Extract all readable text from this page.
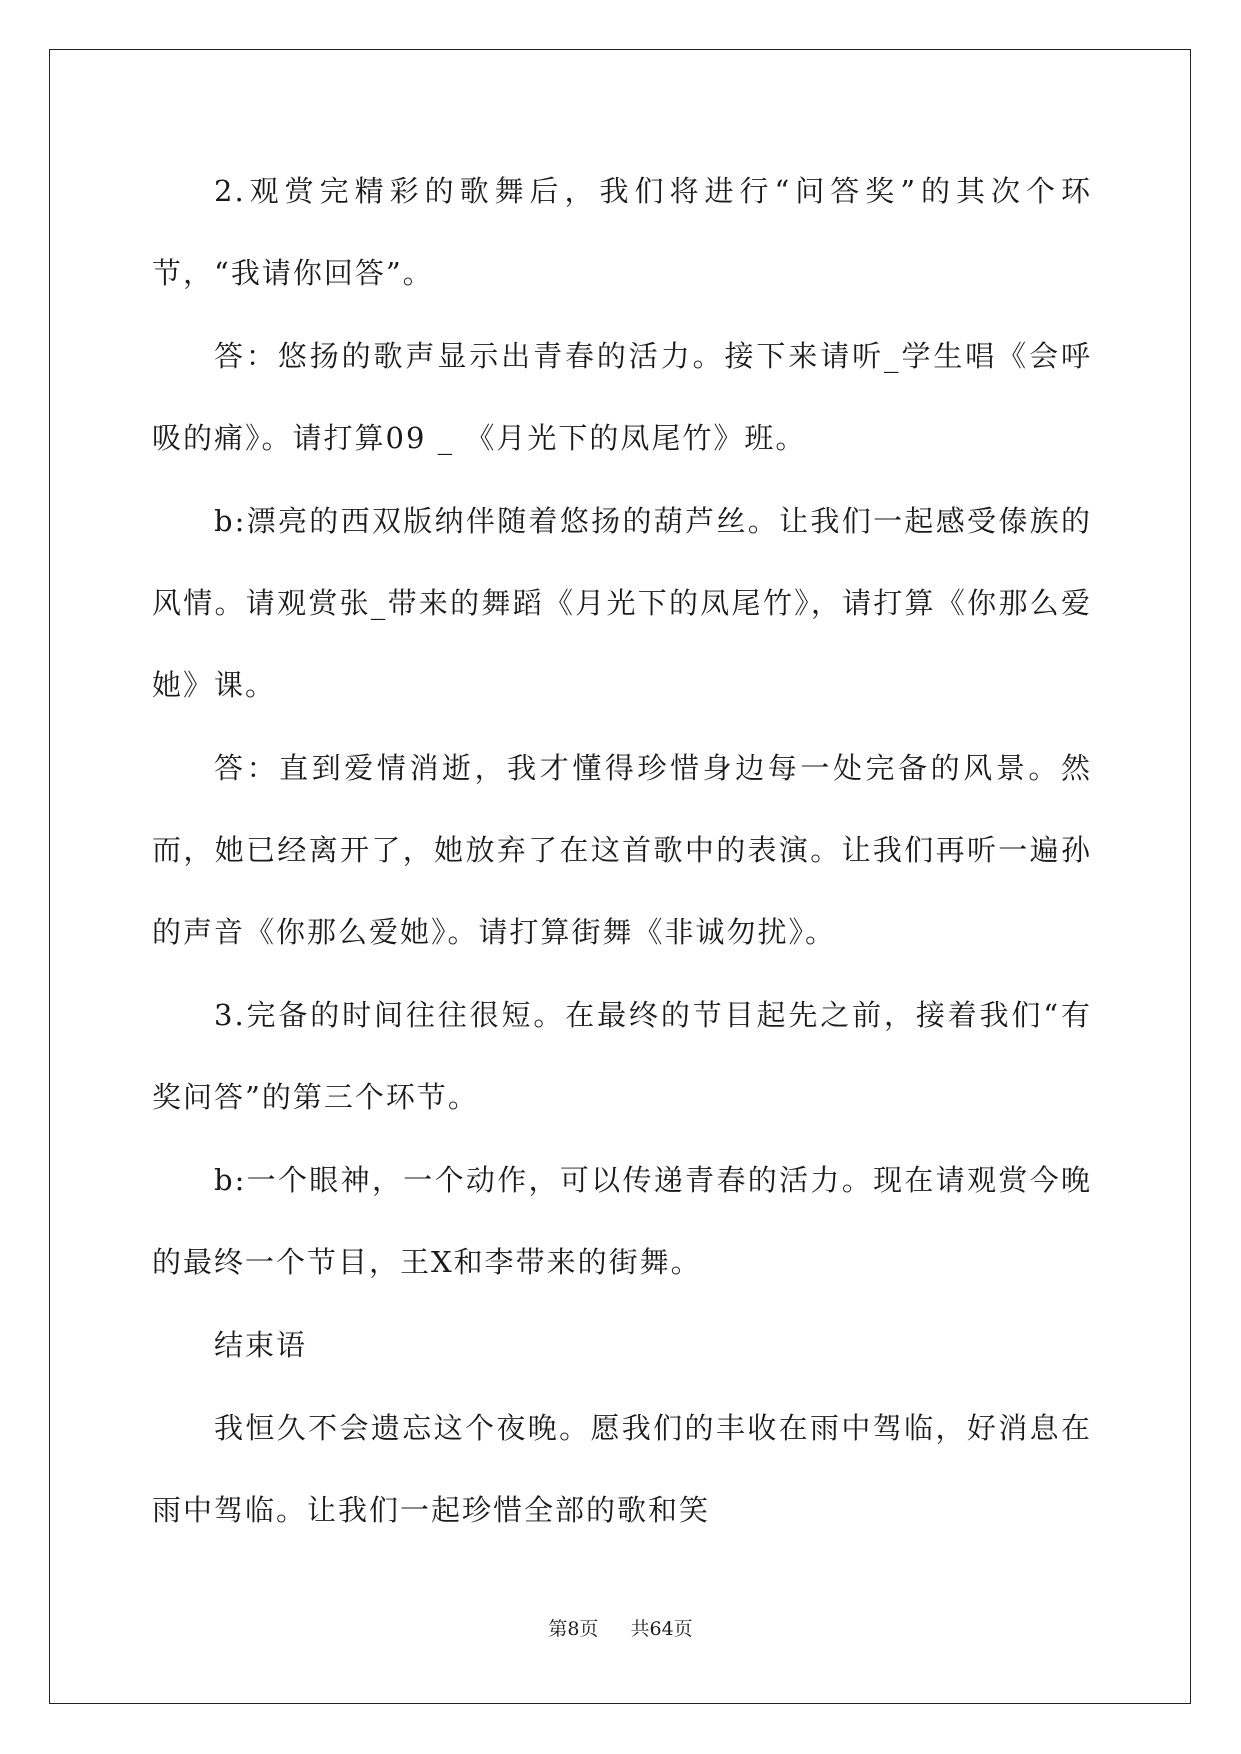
2.观赏完精彩的歌舞后，我们将进行“问答奖”的其次个环节，“我请你回答”。

答：悠扬的歌声显示出青春的活力。接下来请听_学生唱《会呼吸的痛》。请打算09 _ 《月光下的凤尾竹》班。

b:漂亮的西双版纳伴随着悠扬的葫芦丝。让我们一起感受傣族的风情。请观赏张_带来的舞蹈《月光下的凤尾竹》，请打算《你那么爱她》课。

答：直到爱情消逝，我才懂得珍惜身边每一处完备的风景。然而，她已经离开了，她放弃了在这首歌中的表演。让我们再听一遍孙的声音《你那么爱她》。请打算街舞《非诚勿扰》。

3.完备的时间往往很短。在最终的节目起先之前，接着我们“有奖问答”的第三个环节。

b:一个眼神，一个动作，可以传递青春的活力。现在请观赏今晚的最终一个节目，王X和李带来的街舞。

结束语

我恒久不会遗忘这个夜晚。愿我们的丰收在雨中驾临，好消息在雨中驾临。让我们一起珍惜全部的歌和笑

第8页 共64页
